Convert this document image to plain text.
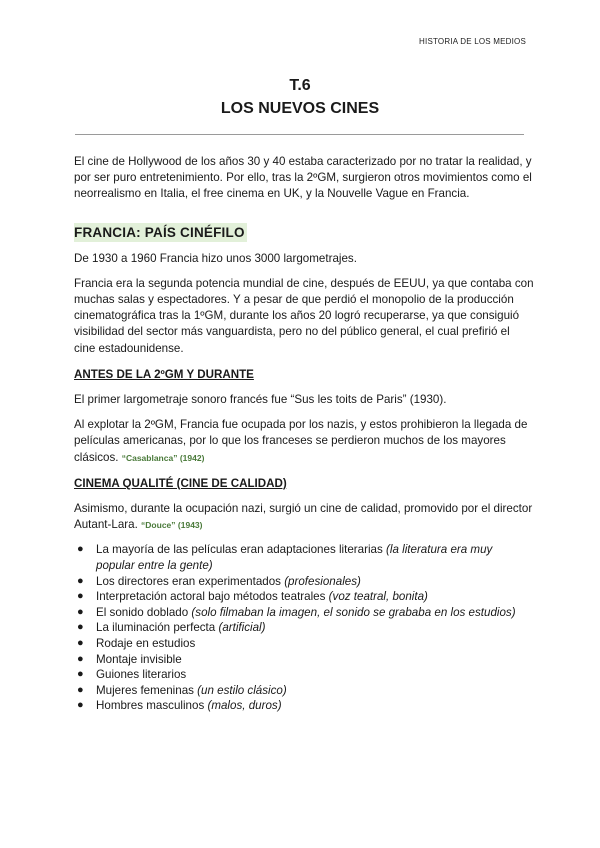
HISTORIA DE LOS MEDIOS
T.6
LOS NUEVOS CINES

El cine de Hollywood de los años 30 y 40 estaba caracterizado por no tratar la realidad, y por ser puro entretenimiento. Por ello, tras la 2ºGM, surgieron otros movimientos como el neorrealismo en Italia, el free cinema en UK, y la Nouvelle Vague en Francia.

FRANCIA: PAÍS CINÉFILO

De 1930 a 1960 Francia hizo unos 3000 largometrajes.

Francia era la segunda potencia mundial de cine, después de EEUU, ya que contaba con muchas salas y espectadores. Y a pesar de que perdió el monopolio de la producción cinematográfica tras la 1ºGM, durante los años 20 logró recuperarse, ya que consiguió visibilidad del sector más vanguardista, pero no del público general, el cual prefirió el cine estadounidense.

ANTES DE LA 2ºGM Y DURANTE

El primer largometraje sonoro francés fue “Sus les toits de Paris” (1930).

Al explotar la 2ºGM, Francia fue ocupada por los nazis, y estos prohibieron la llegada de películas americanas, por lo que los franceses se perdieron muchos de los mayores clásicos. “Casablanca” (1942)

CINEMA QUALITÉ (CINE DE CALIDAD)

Asimismo, durante la ocupación nazi, surgió un cine de calidad, promovido por el director Autant-Lara. “Douce” (1943)

● La mayoría de las películas eran adaptaciones literarias (la literatura era muy popular entre la gente)
● Los directores eran experimentados (profesionales)
● Interpretación actoral bajo métodos teatrales (voz teatral, bonita)
● El sonido doblado (solo filmaban la imagen, el sonido se grababa en los estudios)
● La iluminación perfecta (artificial)
● Rodaje en estudios
● Montaje invisible
● Guiones literarios
● Mujeres femeninas (un estilo clásico)
● Hombres masculinos (malos, duros)
